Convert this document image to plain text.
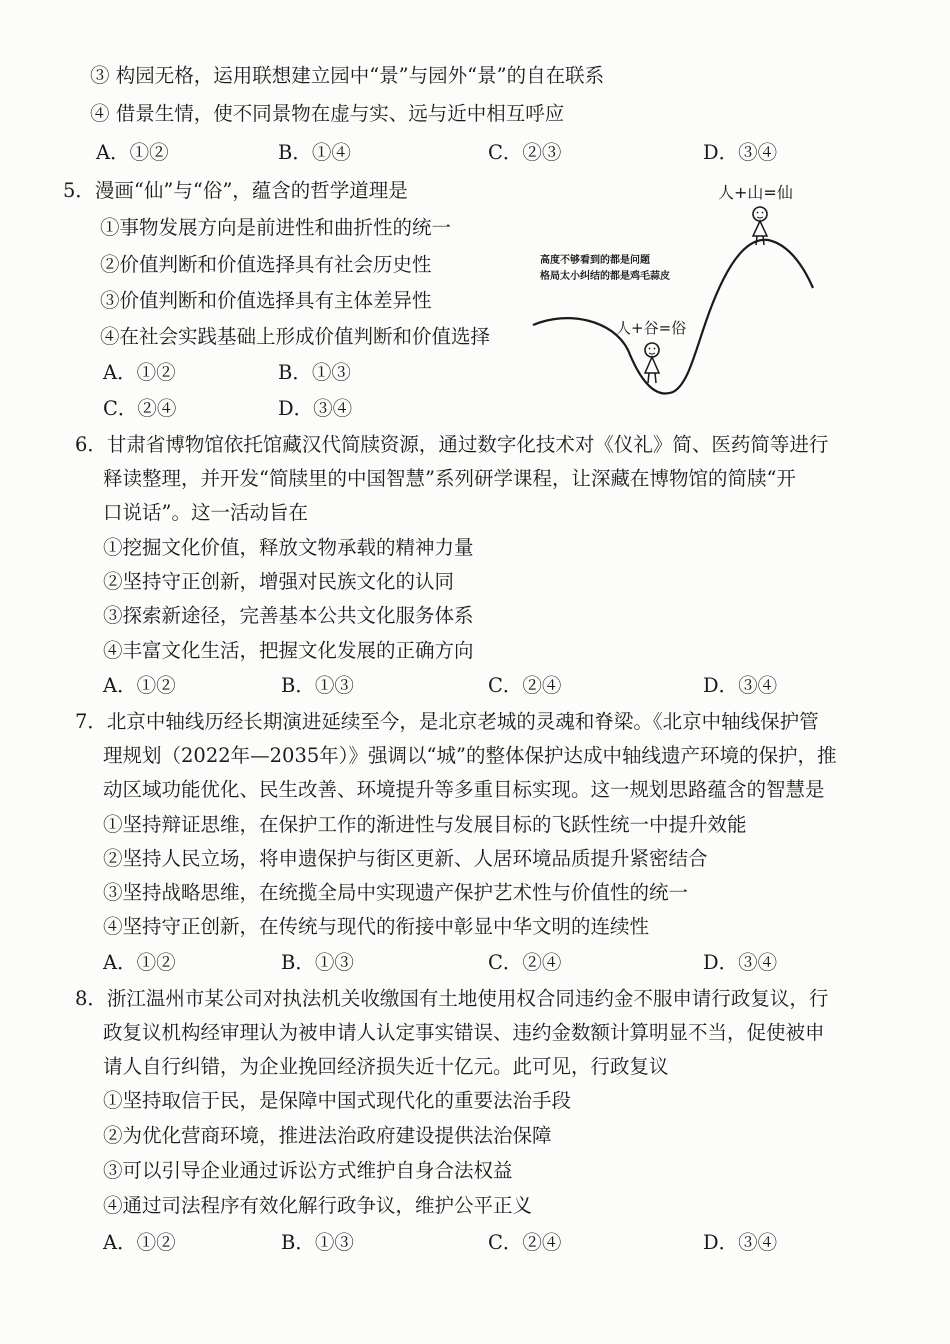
③ 构园无格，运用联想建立园中“景”与园外“景”的自在联系
④ 借景生情，使不同景物在虚与实、远与近中相互呼应
A．①②	B．①④	C．②③	D．③④
5．漫画“仙”与“俗”，蕴含的哲学道理是
①事物发展方向是前进性和曲折性的统一
②价值判断和价值选择具有社会历史性
③价值判断和价值选择具有主体差异性
④在社会实践基础上形成价值判断和价值选择
A．①②	B．①③
C．②④	D．③④
人+山=仙
高度不够看到的都是问题
格局太小纠结的都是鸡毛蒜皮
人+谷=俗
6．甘肃省博物馆依托馆藏汉代简牍资源，通过数字化技术对《仪礼》简、医药简等进行
释读整理，并开发“简牍里的中国智慧”系列研学课程，让深藏在博物馆的简牍“开
口说话”。这一活动旨在
①挖掘文化价值，释放文物承载的精神力量
②坚持守正创新，增强对民族文化的认同
③探索新途径，完善基本公共文化服务体系
④丰富文化生活，把握文化发展的正确方向
A．①②	B．①③	C．②④	D．③④
7．北京中轴线历经长期演进延续至今，是北京老城的灵魂和脊梁。《北京中轴线保护管
理规划（2022年—2035年）》强调以“城”的整体保护达成中轴线遗产环境的保护，推
动区域功能优化、民生改善、环境提升等多重目标实现。这一规划思路蕴含的智慧是
①坚持辩证思维，在保护工作的渐进性与发展目标的飞跃性统一中提升效能
②坚持人民立场，将申遗保护与街区更新、人居环境品质提升紧密结合
③坚持战略思维，在统揽全局中实现遗产保护艺术性与价值性的统一
④坚持守正创新，在传统与现代的衔接中彰显中华文明的连续性
A．①②	B．①③	C．②④	D．③④
8．浙江温州市某公司对执法机关收缴国有土地使用权合同违约金不服申请行政复议，行
政复议机构经审理认为被申请人认定事实错误、违约金数额计算明显不当，促使被申
请人自行纠错，为企业挽回经济损失近十亿元。此可见，行政复议
①坚持取信于民，是保障中国式现代化的重要法治手段
②为优化营商环境，推进法治政府建设提供法治保障
③可以引导企业通过诉讼方式维护自身合法权益
④通过司法程序有效化解行政争议，维护公平正义
A．①②	B．①③	C．②④	D．③④
